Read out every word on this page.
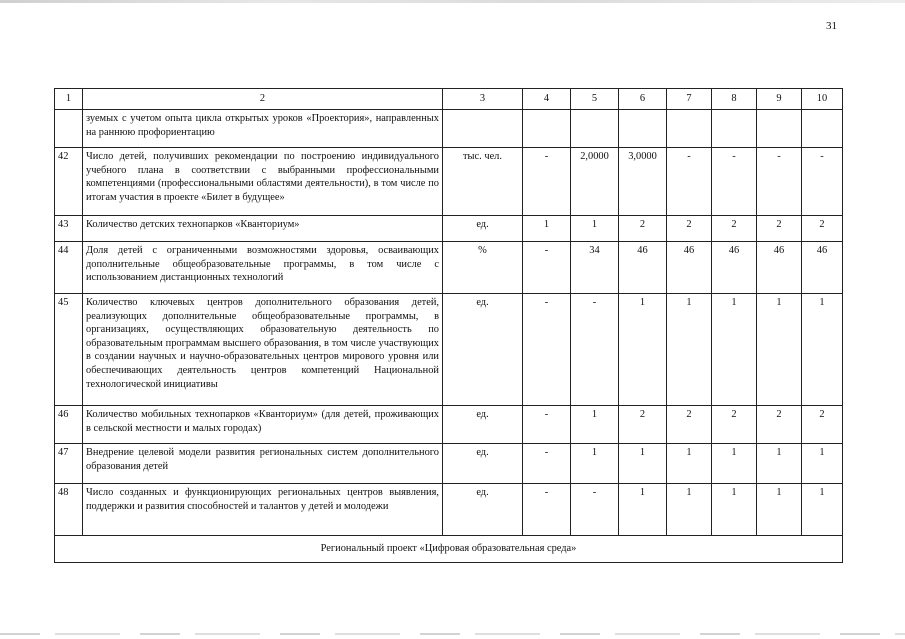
31
1	2	3	4	5	6	7	8	9	10
	зуемых с учетом опыта цикла открытых уроков «Проектория», направленных на раннюю профориентацию								
42	Число детей, получивших рекомендации по построению индивидуального учебного плана в соответствии с выбранными профессиональными компетенциями (профессиональными областями деятельности), в том числе по итогам участия в проекте «Билет в будущее»	тыс. чел.	-	2,0000	3,0000	-	-	-	-
43	Количество детских технопарков «Кванториум»	ед.	1	1	2	2	2	2	2
44	Доля детей с ограниченными возможностями здоровья, осваивающих дополнительные общеобразовательные программы, в том числе с использованием дистанционных технологий	%	-	34	46	46	46	46	46
45	Количество ключевых центров дополнительного образования детей, реализующих дополнительные общеобразовательные программы, в организациях, осуществляющих образовательную деятельность по образовательным программам высшего образования, в том числе участвующих в создании научных и научно-образовательных центров мирового уровня или обеспечивающих деятельность центров компетенций Национальной технологической инициативы	ед.	-	-	1	1	1	1	1
46	Количество мобильных технопарков «Кванториум» (для детей, проживающих в сельской местности и малых городах)	ед.	-	1	2	2	2	2	2
47	Внедрение целевой модели развития региональных систем дополнительного образования детей	ед.	-	1	1	1	1	1	1
48	Число созданных и функционирующих региональных центров выявления, поддержки и развития способностей и талантов у детей и молодежи	ед.	-	-	1	1	1	1	1
Региональный проект «Цифровая образовательная среда»									
